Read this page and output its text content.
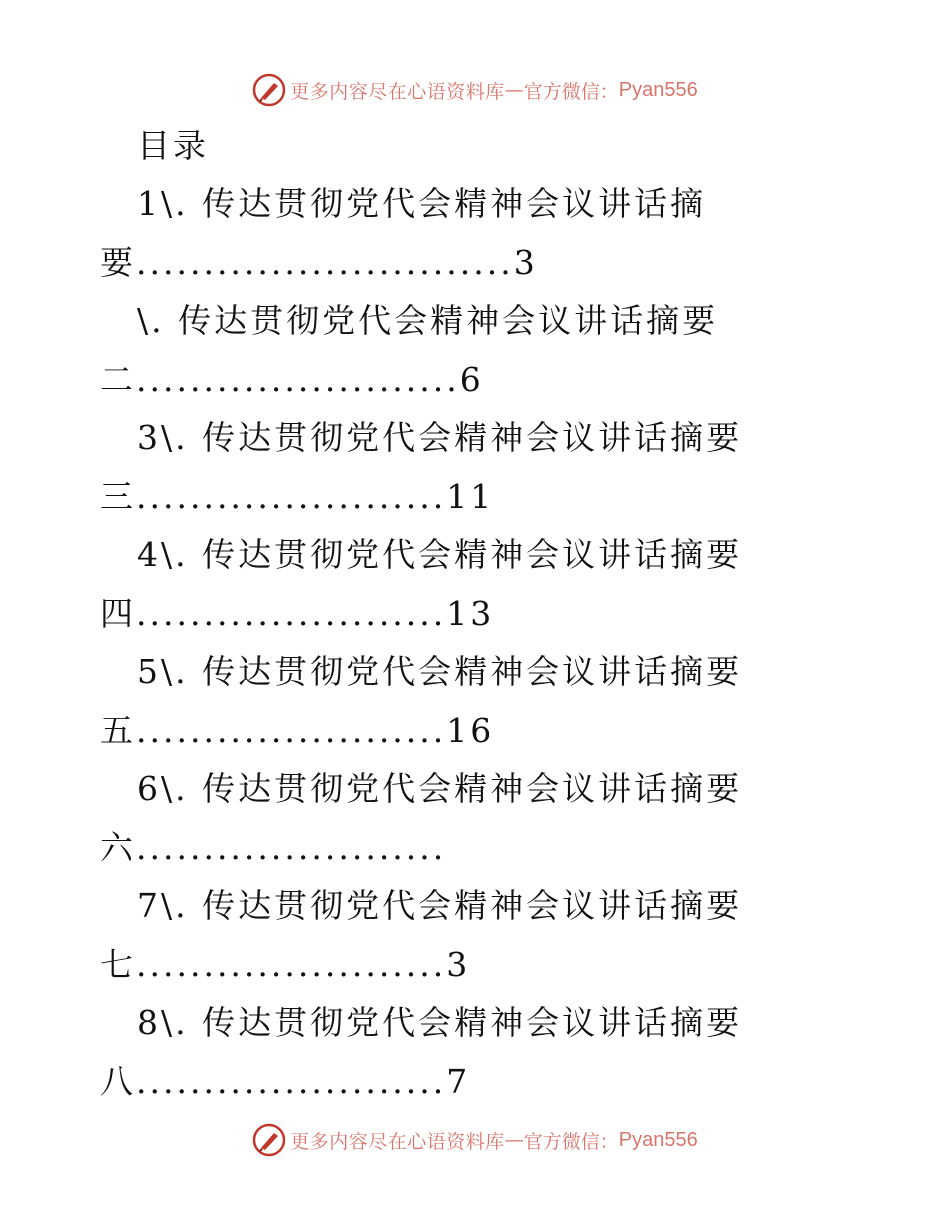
更多内容尽在心语资料库 — 官方微信： Pyan556
目录
1\. 传达贯彻党代会精神会议讲话摘
要............................3
\. 传达贯彻党代会精神会议讲话摘要
二........................6
3\. 传达贯彻党代会精神会议讲话摘要
三.......................11
4\. 传达贯彻党代会精神会议讲话摘要
四.......................13
5\. 传达贯彻党代会精神会议讲话摘要
五.......................16
6\. 传达贯彻党代会精神会议讲话摘要
六.......................
7\. 传达贯彻党代会精神会议讲话摘要
七.......................3
8\. 传达贯彻党代会精神会议讲话摘要
八.......................7
更多内容尽在心语资料库 — 官方微信： Pyan556
